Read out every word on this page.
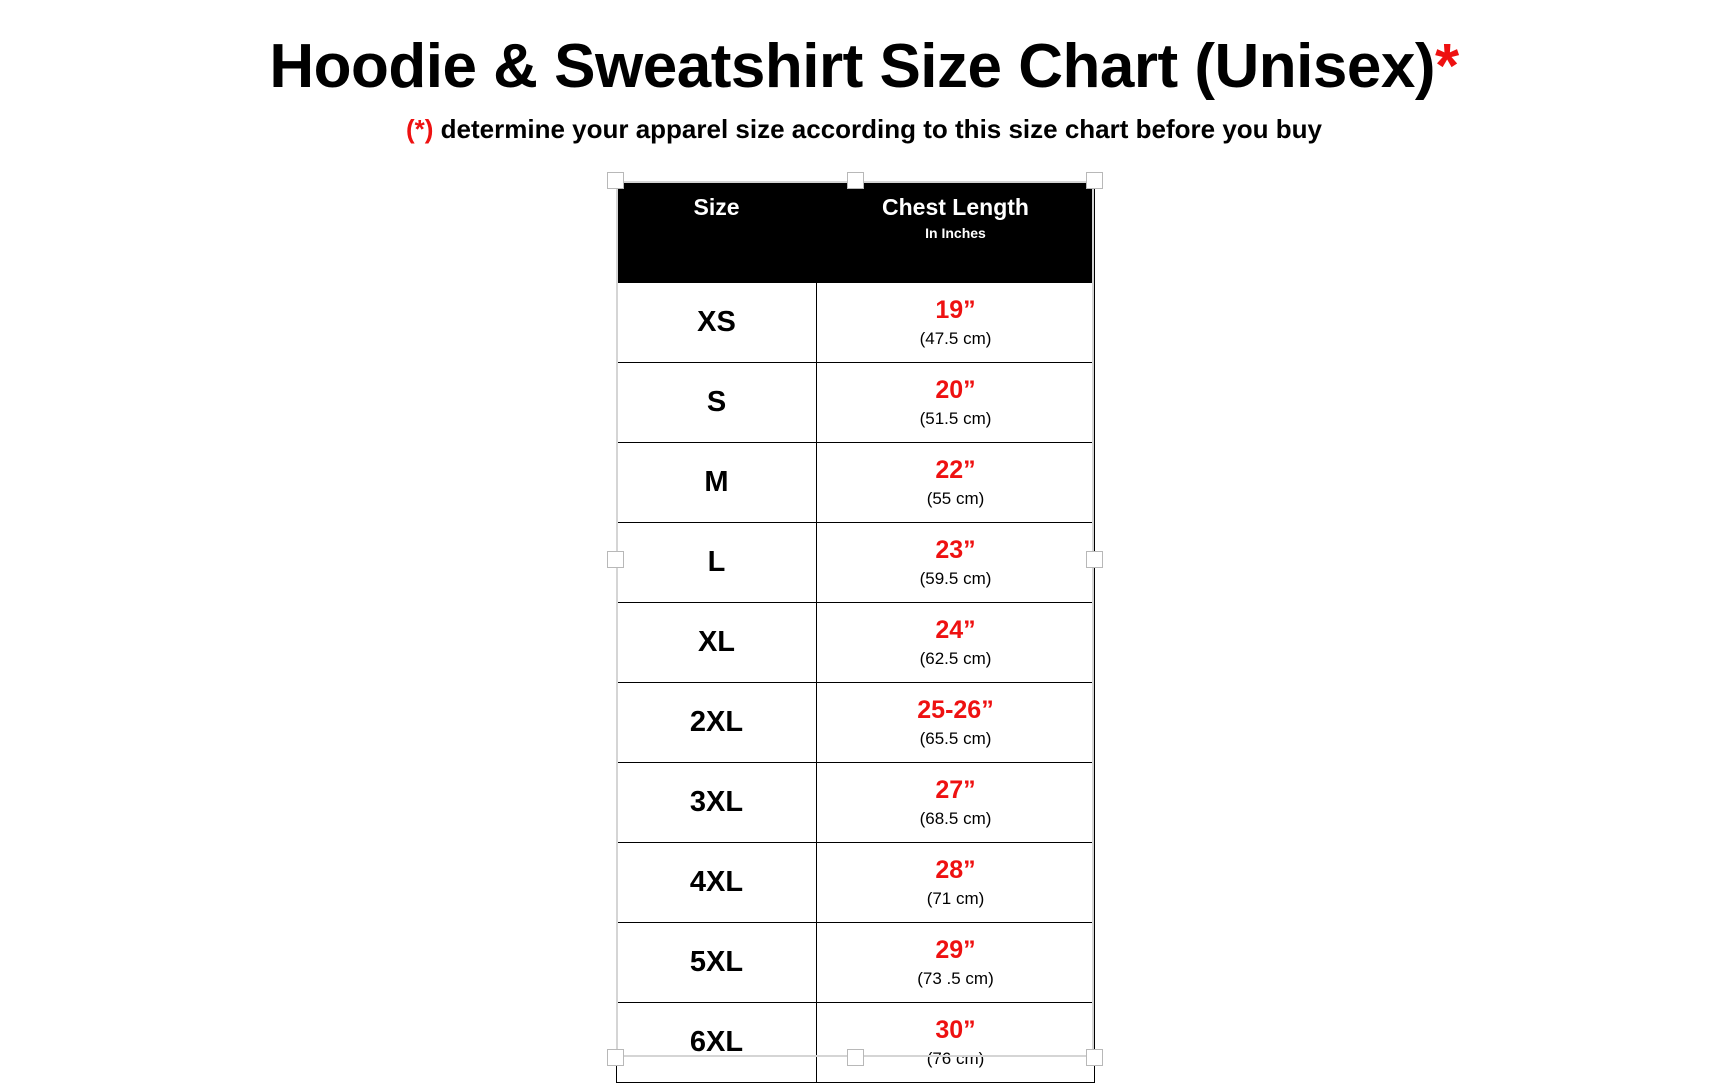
Hoodie & Sweatshirt Size Chart (Unisex)*

(*) determine your apparel size according to this size chart before you buy

Size	Chest Length
In Inches

XS	19”
(47.5 cm)

S	20”
(51.5 cm)

M	22”
(55 cm)

L	23”
(59.5 cm)

XL	24”
(62.5 cm)

2XL	25-26”
(65.5 cm)

3XL	27”
(68.5 cm)

4XL	28”
(71 cm)

5XL	29”
(73 .5 cm)

6XL	30”
(76 cm)
